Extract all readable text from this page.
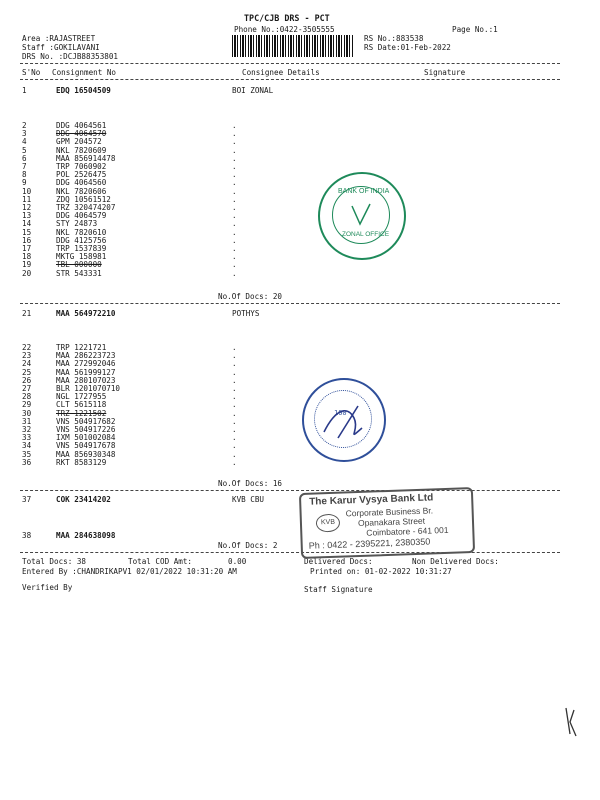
TPC/CJB DRS - PCT
Phone No.:0422-3505555	Page No.:1
Area :RAJASTREET
Staff :GOKILAVANI
DRS No. :DCJB88353801
RS No.:883538
RS Date:01-Feb-2022
S'No Consignment No	Consignee Details	Signature
1	EDQ 16504509	BOI ZONAL
2	DDG 4064561	.
3	DDG 4064570	.
4	GPM 204572	.
5	NKL 7820609	.
6	MAA 856914478	.
7	TRP 7060902	.
8	POL 2526475	.
9	DDG 4064560	.
10	NKL 7820606	.
11	ZDQ 10561512	.
12	TRZ 320474207	.
13	DDG 4064579	.
14	STY 24873	.
15	NKL 7820610	.
16	DDG 4125756	.
17	TRP 1537839	.
18	MKTG 158981	.
19	TBL 000000	.
20	STR 543331	.
No.Of Docs: 20
21	MAA 564972210	POTHYS
22	TRP 1221721	.
23	MAA 286223723	.
24	MAA 272992046	.
25	MAA 561999127	.
26	MAA 280107023	.
27	BLR 1201070710	.
28	NGL 1727955	.
29	CLT 5615118	.
30	TRZ 1221502	.
31	VNS 504917682	.
32	VNS 504917226	.
33	IXM 501002084	.
34	VNS 504917678	.
35	MAA 856930348	.
36	RKT 8583129	.
No.Of Docs: 16
37	COK 23414202	KVB CBU
38	MAA 284638098
No.Of Docs: 2
Total Docs: 38	Total COD Amt:	0.00	Delivered Docs:	Non Delivered Docs:
Entered By :CHANDRIKAPV1 02/01/2022 10:31:20 AM	Printed on: 01-02-2022 10:31:27
Verified By	Staff Signature
BANK OF INDIA
ZONAL OFFICE
100
The Karur Vysya Bank Ltd
KVB
Corporate Business Br.
Opanakara Street
Coimbatore - 641 001
Ph : 0422 - 2395221, 2380350
